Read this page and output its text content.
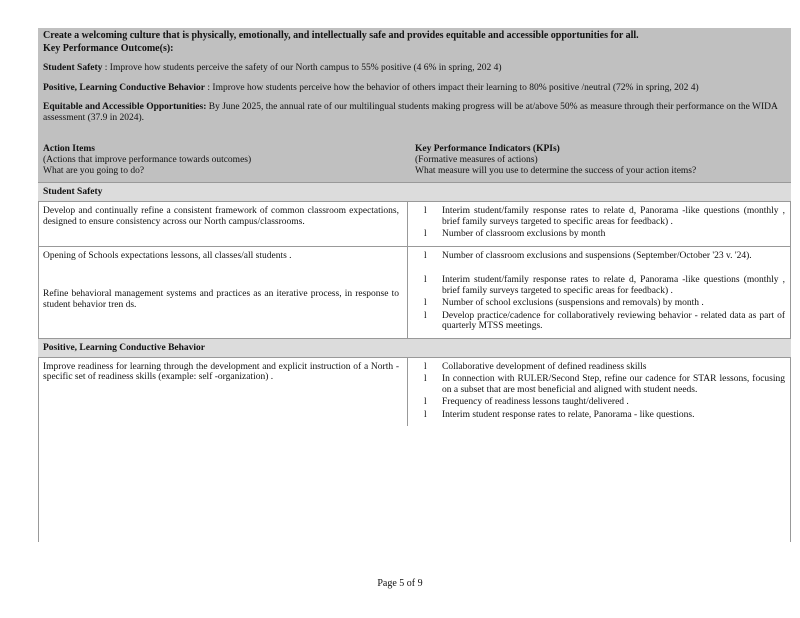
Create a welcoming culture that is physically, emotionally, and intellectually safe and provides equitable and accessible opportunities for all.
Key Performance Outcome(s):
Student Safety : Improve how students perceive the safety of our North campus to 55% positive (4 6% in spring, 202 4)
Positive, Learning Conductive Behavior : Improve how students perceive how the behavior of others impact their learning to 80% positive /neutral (72% in spring, 202 4)
Equitable and Accessible Opportunities: By June 2025, the annual rate of our multilingual students making progress will be at/above 50% as measure through their performance on the WIDA assessment (37.9 in 2024).
Action Items
(Actions that improve performance towards outcomes)
What are you going to do?
Key Performance Indicators (KPIs)
(Formative measures of actions)
What measure will you use to determine the success of your action items?
Student Safety

Develop and continually refine a consistent framework of common classroom expectations, designed to ensure consistency across our North campus/classrooms.

l Interim student/family response rates to relate d, Panorama -like questions (monthly , brief family surveys targeted to specific areas for feedback) .
l Number of classroom exclusions by month

Opening of Schools expectations lessons, all classes/all students .

Refine behavioral management systems and practices as an iterative process, in response to student behavior tren ds.

l Number of classroom exclusions and suspensions (September/October '23 v. '24).
l Interim student/family response rates to relate d, Panorama -like questions (monthly , brief family surveys targeted to specific areas for feedback) .
l Number of school exclusions (suspensions and removals) by month .
l Develop practice/cadence for collaboratively reviewing behavior - related data as part of quarterly MTSS meetings.
Positive, Learning Conductive Behavior

Improve readiness for learning through the development and explicit instruction of a North -specific set of readiness skills (example: self -organization) .

l Collaborative development of defined readiness skills
l In connection with RULER/Second Step, refine our cadence for STAR lessons, focusing on a subset that are most beneficial and aligned with student needs.
l Frequency of readiness lessons taught/delivered .
l Interim student response rates to relate, Panorama - like questions.
Page 5 of 9
